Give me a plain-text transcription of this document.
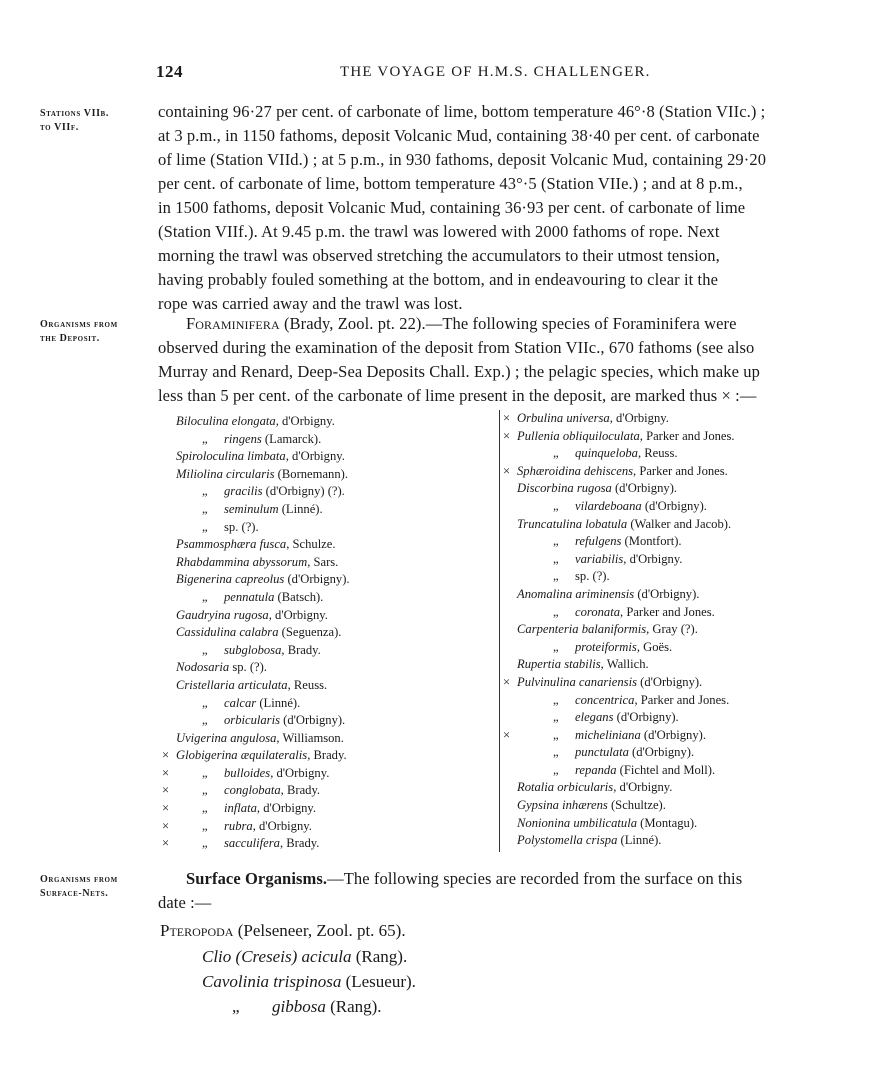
124	THE VOYAGE OF H.M.S. CHALLENGER.
Stations VIIb.
to VIIf.
Organisms from
the Deposit.
Organisms from
Surface-Nets.
containing 96·27 per cent. of carbonate of lime, bottom temperature 46°·8 (Station VIIc.) ;
at 3 p.m., in 1150 fathoms, deposit Volcanic Mud, containing 38·40 per cent. of carbonate
of lime (Station VIId.) ; at 5 p.m., in 930 fathoms, deposit Volcanic Mud, containing 29·20
per cent. of carbonate of lime, bottom temperature 43°·5 (Station VIIe.) ; and at 8 p.m.,
in 1500 fathoms, deposit Volcanic Mud, containing 36·93 per cent. of carbonate of lime
(Station VIIf.). At 9.45 p.m. the trawl was lowered with 2000 fathoms of rope. Next
morning the trawl was observed stretching the accumulators to their utmost tension,
having probably fouled something at the bottom, and in endeavouring to clear it the
rope was carried away and the trawl was lost.
Foraminifera (Brady, Zool. pt. 22).—The following species of Foraminifera were
observed during the examination of the deposit from Station VIIc., 670 fathoms (see also
Murray and Renard, Deep-Sea Deposits Chall. Exp.) ; the pelagic species, which make up
less than 5 per cent. of the carbonate of lime present in the deposit, are marked thus × :—
Biloculina elongata, d'Orbigny.
„ ringens (Lamarck).
Spiroloculina limbata, d'Orbigny.
Miliolina circularis (Bornemann).
„ gracilis (d'Orbigny) (?).
„ seminulum (Linné).
„ sp. (?).
Psammosphæra fusca, Schulze.
Rhabdammina abyssorum, Sars.
Bigenerina capreolus (d'Orbigny).
„ pennatula (Batsch).
Gaudryina rugosa, d'Orbigny.
Cassidulina calabra (Seguenza).
„ subglobosa, Brady.
Nodosaria sp. (?).
Cristellaria articulata, Reuss.
„ calcar (Linné).
„ orbicularis (d'Orbigny).
Uvigerina angulosa, Williamson.
× Globigerina æquilateralis, Brady.
×	„ bulloides, d'Orbigny.
×	„ conglobata, Brady.
×	„ inflata, d'Orbigny.
×	„ rubra, d'Orbigny.
×	„ sacculifera, Brady.
× Orbulina universa, d'Orbigny.
× Pullenia obliquiloculata, Parker and Jones.
„ quinqueloba, Reuss.
× Sphæroidina dehiscens, Parker and Jones.
Discorbina rugosa (d'Orbigny).
„ vilardeboana (d'Orbigny).
Truncatulina lobatula (Walker and Jacob).
„ refulgens (Montfort).
„ variabilis, d'Orbigny.
„ sp. (?).
Anomalina ariminensis (d'Orbigny).
„ coronata, Parker and Jones.
Carpenteria balaniformis, Gray (?).
„ proteiformis, Goës.
Rupertia stabilis, Wallich.
× Pulvinulina canariensis (d'Orbigny).
„ concentrica, Parker and Jones.
„ elegans (d'Orbigny).
×	„ micheliniana (d'Orbigny).
„ punctulata (d'Orbigny).
„ repanda (Fichtel and Moll).
Rotalia orbicularis, d'Orbigny.
Gypsina inhærens (Schultze).
Nonionina umbilicatula (Montagu).
Polystomella crispa (Linné).
Surface Organisms.—The following species are recorded from the surface on this
date :—
Pteropoda (Pelseneer, Zool. pt. 65).
Clio (Creseis) acicula (Rang).
Cavolinia trispinosa (Lesueur).
„ gibbosa (Rang).
